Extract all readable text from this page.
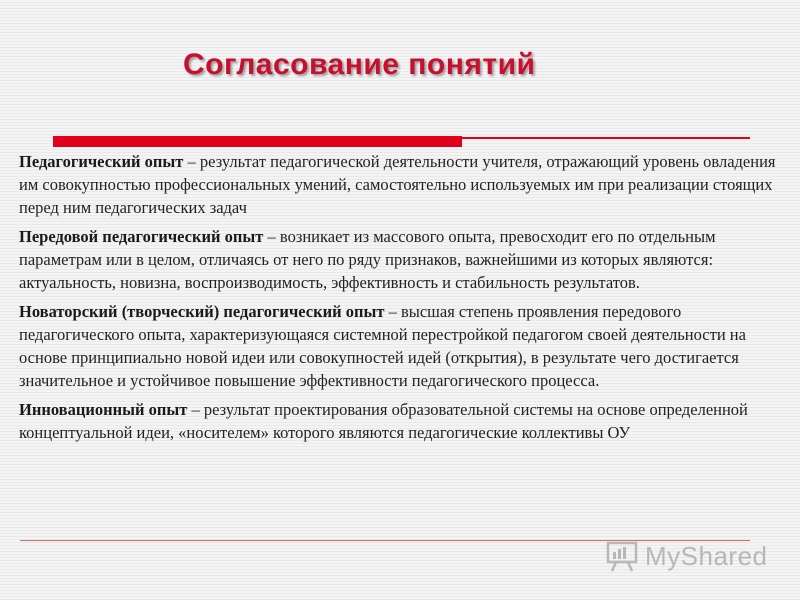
Согласование понятий

Педагогический опыт – результат педагогической деятельности учителя, отражающий уровень овладения им совокупностью профессиональных умений, самостоятельно используемых им при реализации стоящих перед ним педагогических задач

Передовой педагогический опыт – возникает из массового опыта, превосходит его по отдельным параметрам или в целом, отличаясь от него по ряду признаков, важнейшими из которых являются: актуальность, новизна, воспроизводимость, эффективность и стабильность результатов.

Новаторский (творческий) педагогический опыт – высшая степень проявления передового педагогического опыта, характеризующаяся системной перестройкой педагогом своей деятельности на основе принципиально новой идеи или совокупностей идей (открытия), в результате чего достигается значительное и устойчивое повышение эффективности педагогического процесса.

Инновационный опыт – результат проектирования образовательной системы на основе определенной концептуальной идеи, «носителем» которого являются педагогические коллективы ОУ

MyShared
